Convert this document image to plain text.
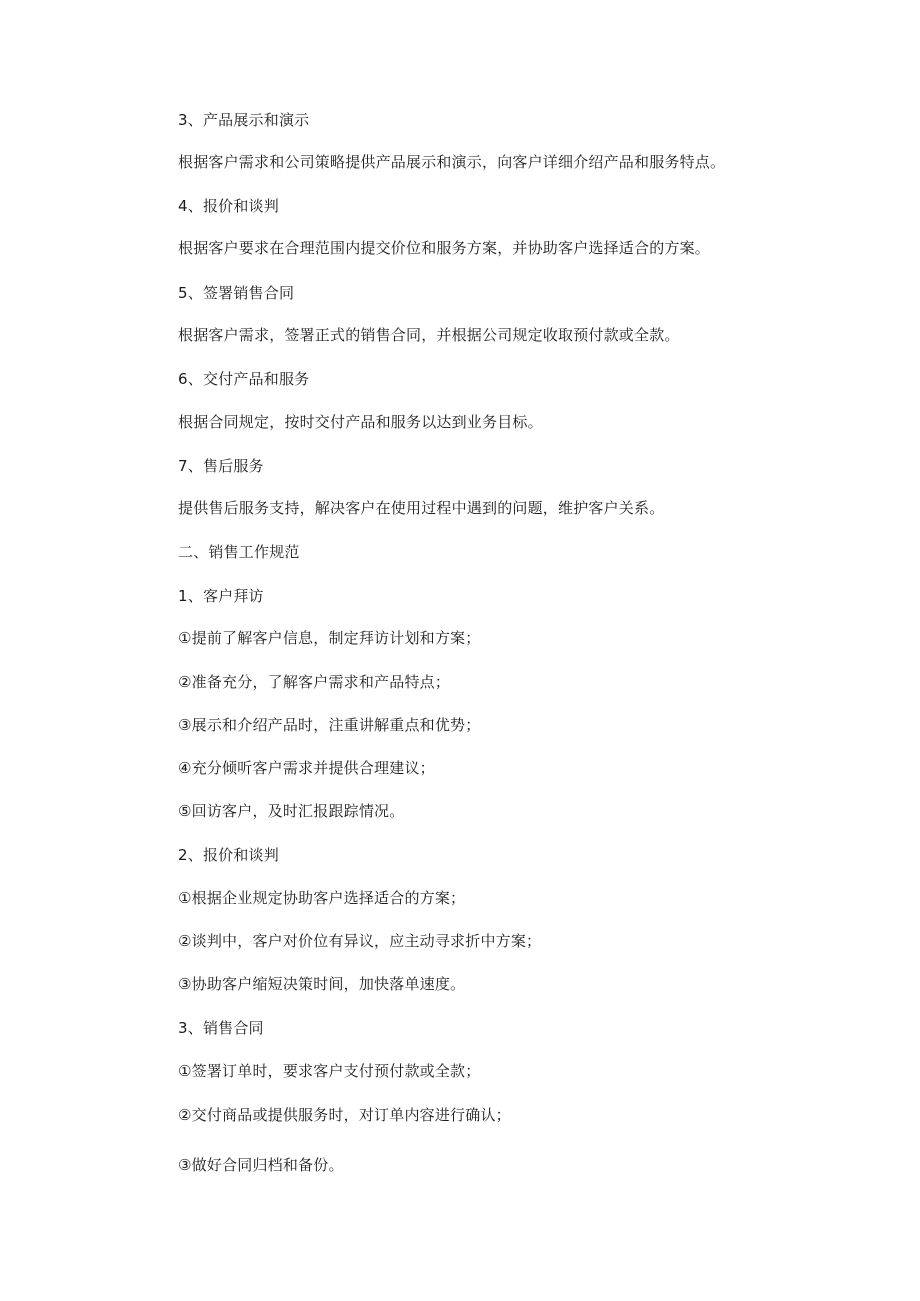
3、产品展示和演示
根据客户需求和公司策略提供产品展示和演示，向客户详细介绍产品和服务特点。
4、报价和谈判
根据客户要求在合理范围内提交价位和服务方案，并协助客户选择适合的方案。
5、签署销售合同
根据客户需求，签署正式的销售合同，并根据公司规定收取预付款或全款。
6、交付产品和服务
根据合同规定，按时交付产品和服务以达到业务目标。
7、售后服务
提供售后服务支持，解决客户在使用过程中遇到的问题，维护客户关系。
二、销售工作规范
1、客户拜访
①提前了解客户信息，制定拜访计划和方案；
②准备充分，了解客户需求和产品特点；
③展示和介绍产品时，注重讲解重点和优势；
④充分倾听客户需求并提供合理建议；
⑤回访客户，及时汇报跟踪情况。
2、报价和谈判
①根据企业规定协助客户选择适合的方案；
②谈判中，客户对价位有异议，应主动寻求折中方案；
③协助客户缩短决策时间，加快落单速度。
3、销售合同
①签署订单时，要求客户支付预付款或全款；
②交付商品或提供服务时，对订单内容进行确认；
③做好合同归档和备份。
